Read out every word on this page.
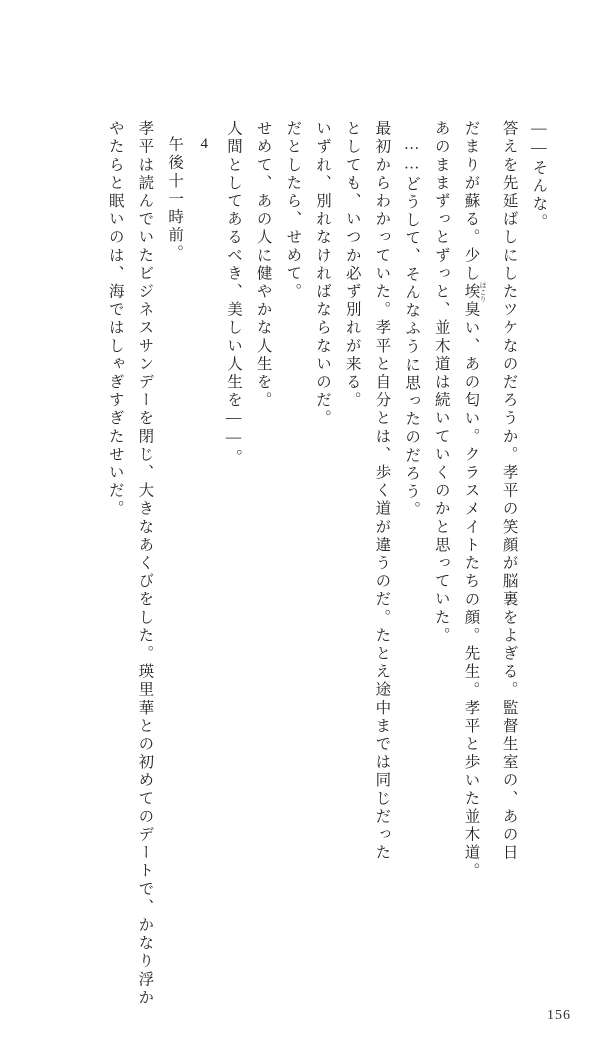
やたらと眠いのは、海ではしゃぎすぎたせいだ。 孝平は読んでいたビジネスサンデーを閉じ、大きなあくびをした。瑛里華との初めてのデートで、かなり浮か 午後十一時前。 4 人間としてあるべき、美しい人生を――。 せめて、あの人に健やかな人生を。 だとしたら、せめて。 いずれ、別れなければならないのだ。 としても、いつか必ず別れが来る。 最初からわかっていた。孝平と自分とは、歩く道が違うのだ。たとえ途中までは同じだった ……どうして、そんなふうに思ったのだろう。 あのままずっとずっと、並木道は続いていくのかと思っていた。 だまりが蘇る。少し埃 ほこり臭い、あの匂い。クラスメイトたちの顔。先生。孝平と歩いた並木道。	答えを先延ばしにしたツケなのだろうか。孝平の笑顔が脳裏をよぎる。監督生室の、あの日 ――そんな。
156
